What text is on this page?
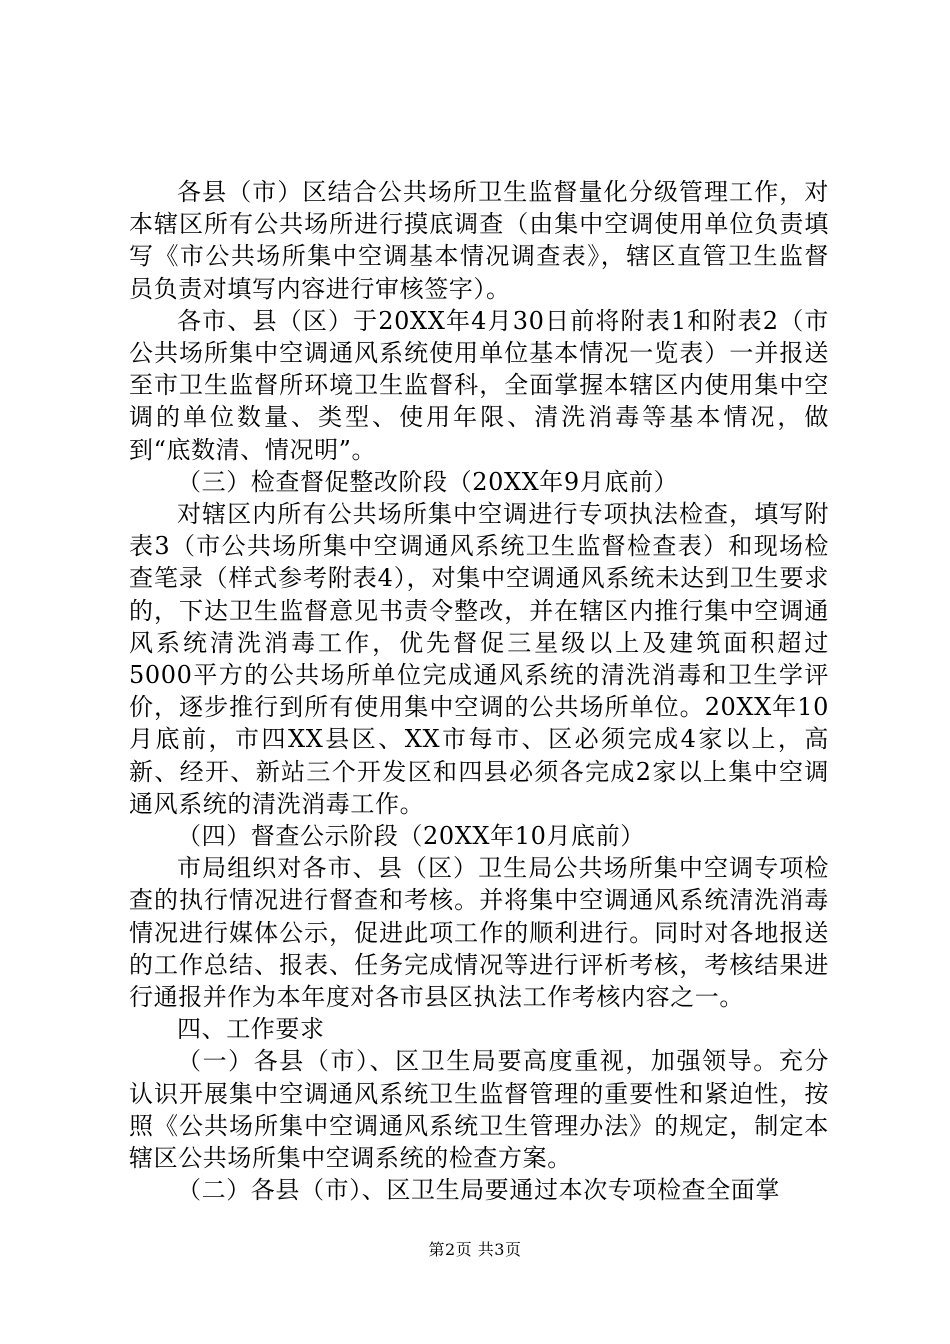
各县（市）区结合公共场所卫生监督量化分级管理工作，对本辖区所有公共场所进行摸底调查（由集中空调使用单位负责填写《市公共场所集中空调基本情况调查表》，辖区直管卫生监督员负责对填写内容进行审核签字）。

各市、县（区）于20XX年4月30日前将附表1和附表2（市公共场所集中空调通风系统使用单位基本情况一览表）一并报送至市卫生监督所环境卫生监督科，全面掌握本辖区内使用集中空调的单位数量、类型、使用年限、清洗消毒等基本情况，做到“底数清、情况明”。

（三）检查督促整改阶段（20XX年9月底前）

对辖区内所有公共场所集中空调进行专项执法检查，填写附表3（市公共场所集中空调通风系统卫生监督检查表）和现场检查笔录（样式参考附表4），对集中空调通风系统未达到卫生要求的，下达卫生监督意见书责令整改，并在辖区内推行集中空调通风系统清洗消毒工作，优先督促三星级以上及建筑面积超过5000平方的公共场所单位完成通风系统的清洗消毒和卫生学评价，逐步推行到所有使用集中空调的公共场所单位。20XX年10月底前，市四XX县区、XX市每市、区必须完成4家以上，高新、经开、新站三个开发区和四县必须各完成2家以上集中空调通风系统的清洗消毒工作。

（四）督查公示阶段（20XX年10月底前）

市局组织对各市、县（区）卫生局公共场所集中空调专项检查的执行情况进行督查和考核。并将集中空调通风系统清洗消毒情况进行媒体公示，促进此项工作的顺利进行。同时对各地报送的工作总结、报表、任务完成情况等进行评析考核，考核结果进行通报并作为本年度对各市县区执法工作考核内容之一。

四、工作要求

（一）各县（市）、区卫生局要高度重视，加强领导。充分认识开展集中空调通风系统卫生监督管理的重要性和紧迫性，按照《公共场所集中空调通风系统卫生管理办法》的规定，制定本辖区公共场所集中空调系统的检查方案。

（二）各县（市）、区卫生局要通过本次专项检查全面掌

第2页 共3页
